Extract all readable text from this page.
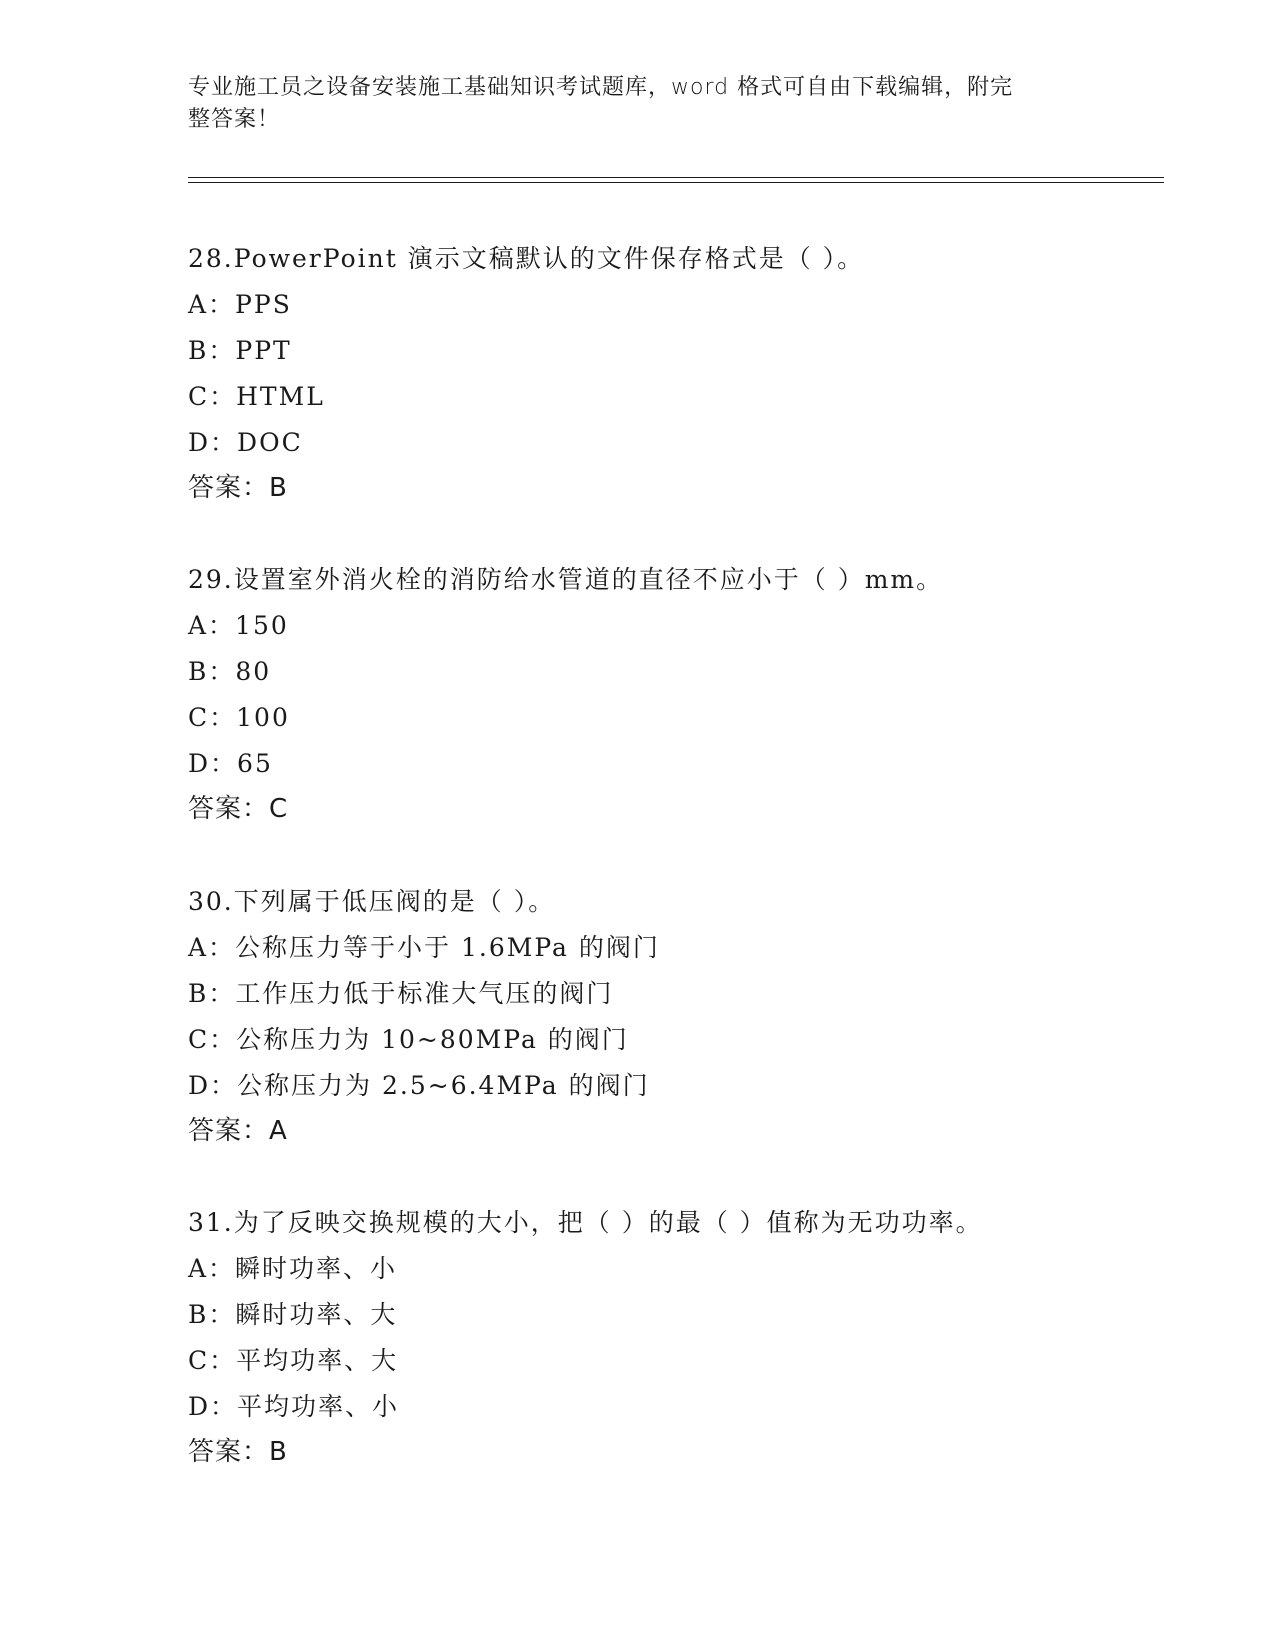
专业施工员之设备安装施工基础知识考试题库，word 格式可自由下载编辑，附完
整答案！
28.PowerPoint 演示文稿默认的文件保存格式是（ ）。
A：PPS
B：PPT
C：HTML
D：DOC
答案：B
29.设置室外消火栓的消防给水管道的直径不应小于（ ）mm。
A：150
B：80
C：100
D：65
答案：C
30.下列属于低压阀的是（ ）。
A：公称压力等于小于 1.6MPa 的阀门
B：工作压力低于标准大气压的阀门
C：公称压力为 10~80MPa 的阀门
D：公称压力为 2.5~6.4MPa 的阀门
答案：A
31.为了反映交换规模的大小，把（ ）的最（ ）值称为无功功率。
A：瞬时功率、小
B：瞬时功率、大
C：平均功率、大
D：平均功率、小
答案：B
